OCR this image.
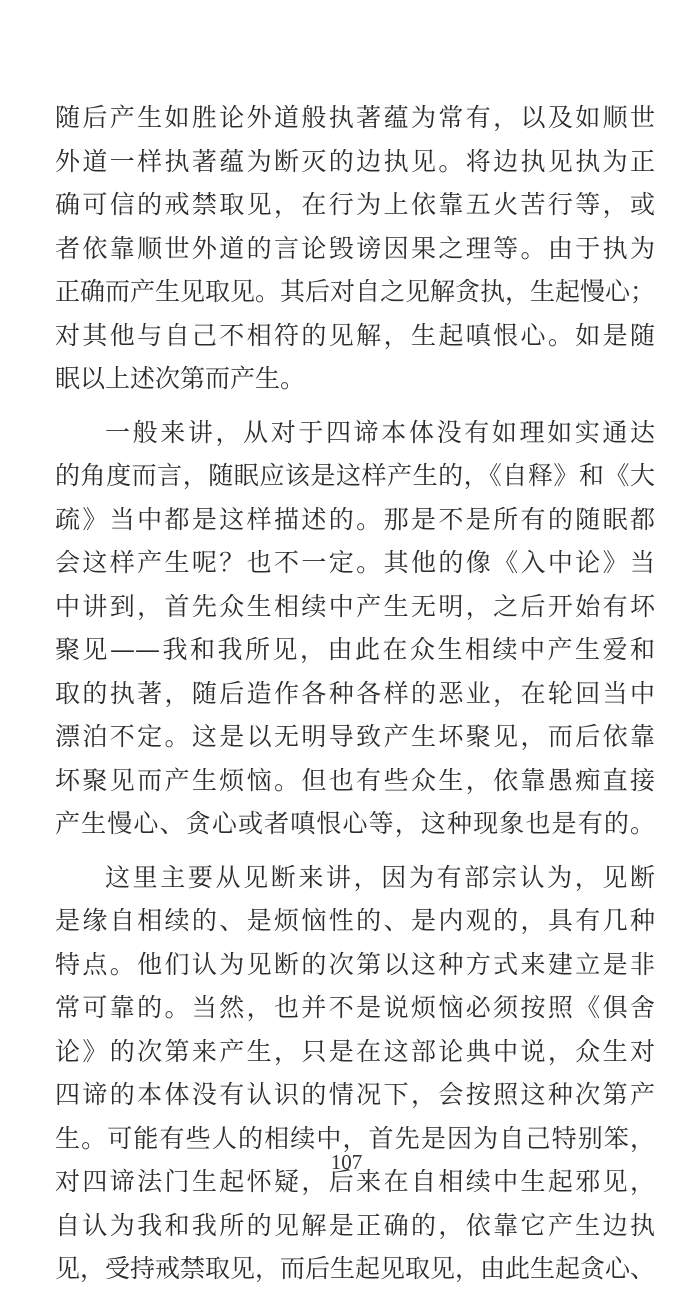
随后产生如胜论外道般执著蕴为常有，以及如顺世
外道一样执著蕴为断灭的边执见。将边执见执为正
确可信的戒禁取见，在行为上依靠五火苦行等，或
者依靠顺世外道的言论毁谤因果之理等。由于执为
正确而产生见取见。其后对自之见解贪执，生起慢心；
对其他与自己不相符的见解，生起嗔恨心。如是随
眠以上述次第而产生。
一般来讲，从对于四谛本体没有如理如实通达
的角度而言，随眠应该是这样产生的，《自释》和《大
疏》当中都是这样描述的。那是不是所有的随眠都
会这样产生呢？也不一定。其他的像《入中论》当
中讲到，首先众生相续中产生无明，之后开始有坏
聚见——我和我所见，由此在众生相续中产生爱和
取的执著，随后造作各种各样的恶业，在轮回当中
漂泊不定。这是以无明导致产生坏聚见，而后依靠
坏聚见而产生烦恼。但也有些众生，依靠愚痴直接
产生慢心、贪心或者嗔恨心等，这种现象也是有的。
这里主要从见断来讲，因为有部宗认为，见断
是缘自相续的、是烦恼性的、是内观的，具有几种
特点。他们认为见断的次第以这种方式来建立是非
常可靠的。当然，也并不是说烦恼必须按照《俱舍
论》的次第来产生，只是在这部论典中说，众生对
四谛的本体没有认识的情况下，会按照这种次第产
生。可能有些人的相续中，首先是因为自己特别笨，
对四谛法门生起怀疑，后来在自相续中生起邪见，
自认为我和我所的见解是正确的，依靠它产生边执
见，受持戒禁取见，而后生起见取见，由此生起贪心、
107
